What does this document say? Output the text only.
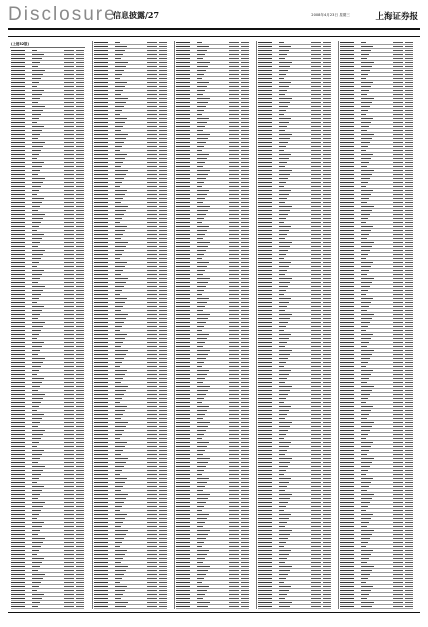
Disclosure
信息披露/27	2008年4月23日 星期三	上海证券报
(上接32版)
